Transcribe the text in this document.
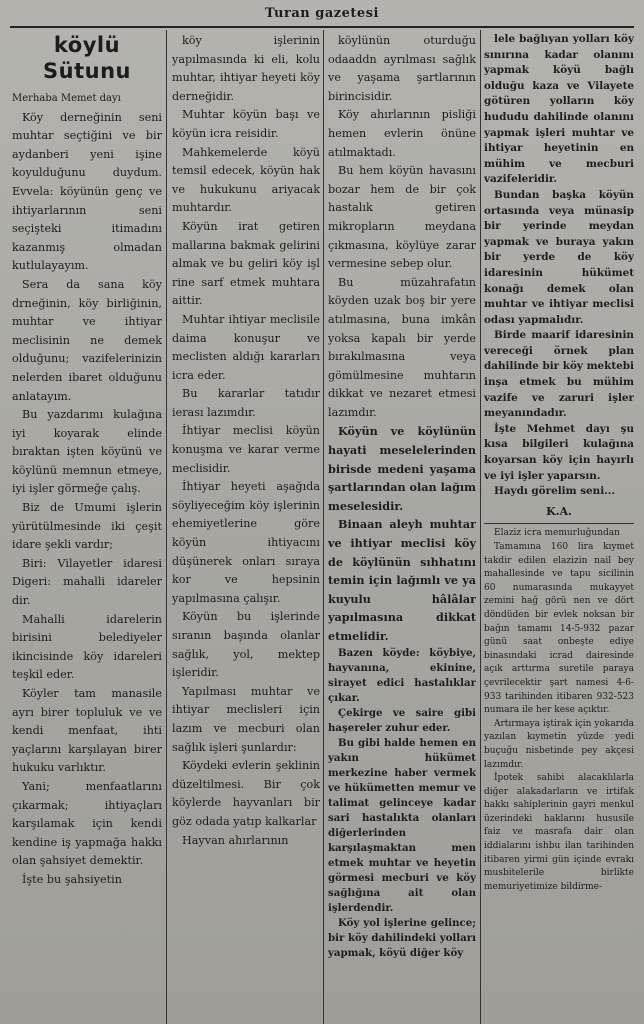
Turan gazetesi
köylü Sütunu

Merhaba Memet dayı

Köy derneğinin seni muhtar seçtiğini ve bir aydanberi yeni işine koyulduğunu duydum. Evvela: köyünün genç ve ihtiyarlarının seni seçişteki itimadını kazanmış olmadan kutlulayayım.

Sera da sana köy drneğinin, köy birliğinin, muhtar ve ihtiyar meclisinin ne demek olduğunu; vazifelerinizin nelerden ibaret olduğunu anlatayım.

Bu yazdarımı kulağına iyi koyarak elinde bıraktan işten köyünü ve köylünü memnun etmeye, iyi işler görmeğe çalış.

Biz de Umumi işlerin yürütülmesinde iki çeşit idare şekli vardır;

Biri: Vilayetler idaresi Digeri: mahalli idareler dir.

Mahalli idarelerin birisini belediyeler ikincisinde köy idareleri teşkil eder.

Köyler tam manasile ayrı birer topluluk ve ve kendi menfaat, ihti yaçlarını karşılayan birer hukuku varlıktır.

Yani; menfaatlarını çıkarmak; ihtiyaçları karşılamak için kendi kendine iş yapmağa hakkı olan şahsiyet demektir.

İşte bu şahsiyetin

köy işlerinin yapılmasında ki eli, kolu muhtar, ihtiyar heyeti köy derneğidir.

Muhtar köyün başı ve köyün icra reisidir.

Mahkemelerde köyü temsil edecek, köyün hak ve hukukunu ariyacak muhtardır.

Köyün irat getiren mallarına bakmak gelirini almak ve bu geliri köy işl rine sarf etmek muhtara aittir.

Muhtar ihtiyar meclisile daima konuşur ve meclisten aldığı kararları icra eder.

Bu kararlar tatıdır ierası lazımdır.

İhtiyar meclisi köyün konuşma ve karar verme meclisidir.

İhtiyar heyeti aşağıda söyliyeceğim köy işlerinin ehemiyetlerine göre köyün ihtiyacını düşünerek onları sıraya kor ve hepsinin yapılmasına çalışır.

Köyün bu işlerinde sıranın başında olanlar sağlık, yol, mektep işleridir.

Yapılması muhtar ve ihtiyar meclisleri için lazım ve mecburi olan sağlık işleri şunlardır:

Köydeki evlerin şeklinin düzeltilmesi. Bir çok köylerde hayvanları bir göz odada yatıp kalkarlar

Hayvan ahırlarının

köylünün oturduğu odaaddn ayrılması sağlık ve yaşama şartlarının birincisidir.

Köy ahırlarının pisliği hemen evlerin önüne atılmaktadı.

Bu hem köyün havasını bozar hem de bir çok hastalık getiren mikropların meydana çıkmasına, köylüye zarar vermesine sebep olur.

Bu müzahrafatın köyden uzak boş bir yere atılmasına, buna imkân yoksa kapalı bir yerde bırakılmasına veya gömülmesine muhtarın dikkat ve nezaret etmesi lazımdır.

Köyün ve köylünün hayati meselelerinden birisde medeni yaşama şartlarından olan lağım meselesidir.

Binaan aleyh muhtar ve ihtiyar meclisi köy de köylünün sıhhatını temin için lağımlı ve ya kuyulu hâlâlar yapılmasına dikkat etmelidir.

Bazen köyde: köybiye, hayvanına, ekinine, sirayet edici hastalıklar çıkar.

Çekirge ve saire gibi haşereler zuhur eder.

Bu gibi halde hemen en yakın hükümet merkezine haber vermek ve hükümetten memur ve talimat gelinceye kadar sari hastalıkta olanları diğerlerinden karşılaşmaktan men etmek muhtar ve heyetin görmesi mecburi ve köy sağlığına ait olan işlerdendir.

Köy yol işlerine gelince; bir köy dahilindeki yolları yapmak, köyü diğer köy

lele bağlıyan yolları köy sınırına kadar olanını yapmak köyü bağlı olduğu kaza ve Vilayete götüren yolların köy hududu dahilinde olanını yapmak işleri muhtar ve ihtiyar heyetinin en mühim ve mecburi vazifeleridir.

Bundan başka köyün ortasında veya münasip bir yerinde meydan yapmak ve buraya yakın bir yerde de köy idaresinin hükümet konağı demek olan muhtar ve ihtiyar meclisi odası yapmalıdır.

Birde maarif idaresinin vereceği örnek plan dahilinde bir köy mektebi inşa etmek bu mühim vazife ve zaruri işler meyanındadır.

İşte Mehmet dayı şu kısa bilgileri kulağına koyarsan köy için hayırlı ve iyi işler yaparsın.

Haydı görelim seni...

K.A.

Elaziz icra memurluğundan

Tamamına 160 lira kıymet takdir edilen elazizin nail bey mahallesinde ve tapu sicilinin 60 numarasında mukayyet zemini hağ görü nen ve dört döndüden bir evlek noksan bir bağın tamamı 14-5-932 pazar günü saat onbeşte ediye binasındaki icrad dairesinde açık arttırma suretile paraya çevrilecektir şart namesi 4-6-933 tarihinden itibaren 932-523 numara ile her kese açıktır.

Artırmaya iştirak için yokarıda yazılan kıymetin yüzde yedi buçuğu nisbetinde pey akçesi lazımdır.

İpotek sahibi alacaklılarla diğer alakadarların ve irtifak hakkı sahiplerinin gayri menkul üzerindeki haklarını hususile faiz ve masrafa dair olan iddialarını ishbu ilan tarihinden itibaren yirmi gün içinde evrakı musbitelerile birlikte memuriyetimize bildirme-
